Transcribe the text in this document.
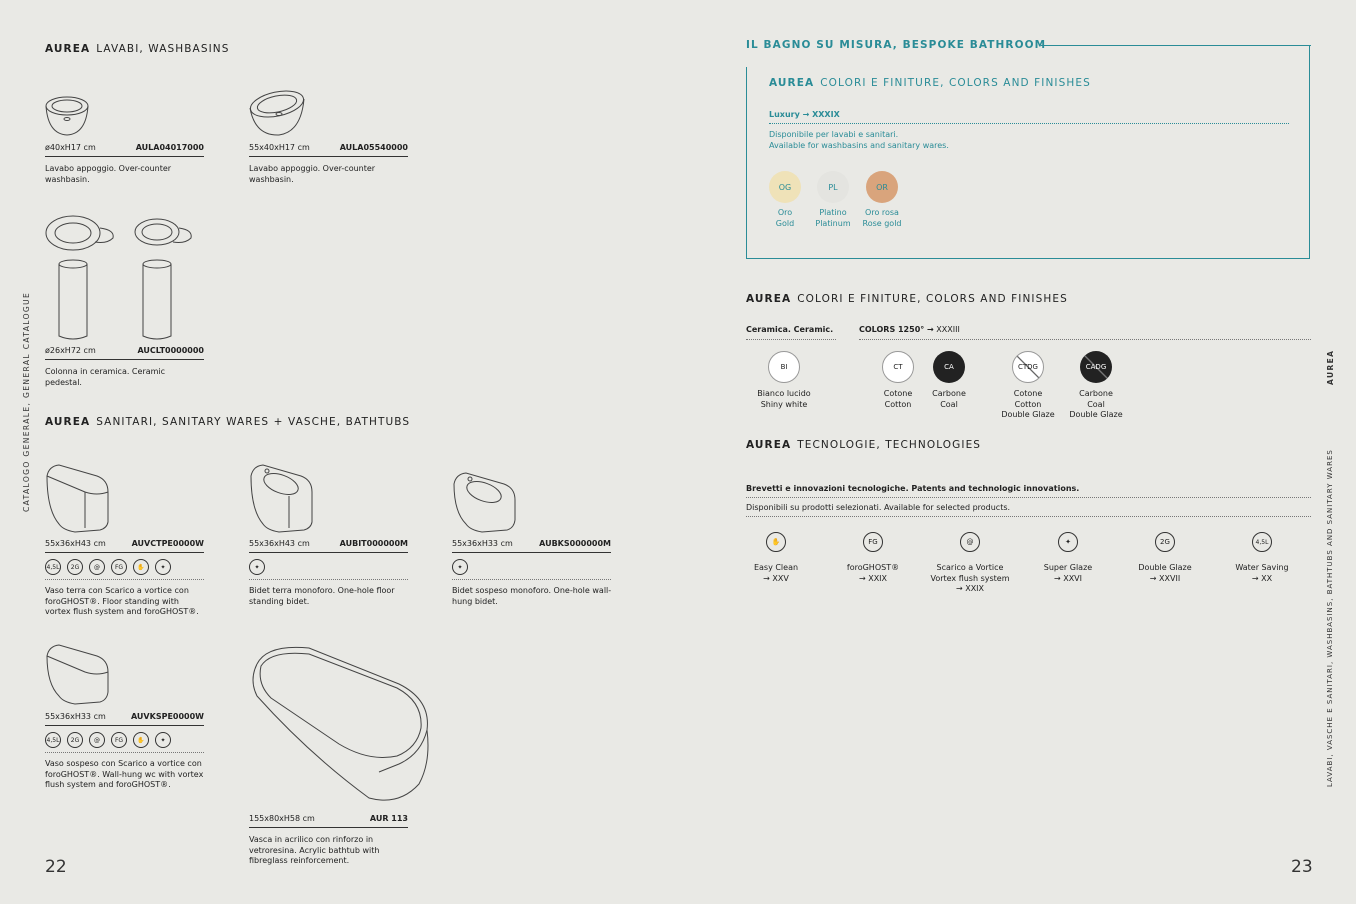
CATALOGO GENERALE, GENERAL CATALOGUE
AUREA LAVABI, WASHBASINS
ø40xH17 cm	AULA04017000
Lavabo appoggio. Over-counter washbasin.
55x40xH17 cm	AULA05540000
Lavabo appoggio. Over-counter washbasin.
ø26xH72 cm	AUCLT0000000
Colonna in ceramica. Ceramic pedestal.
AUREA SANITARI, SANITARY WARES + VASCHE, BATHTUBS
55x36xH43 cm	AUVCTPE0000W
4,5L	2G	@	FG	✋	✦
Vaso terra con Scarico a vortice con foroGHOST®. Floor standing with vortex flush system and foroGHOST®.
55x36xH43 cm	AUBIT000000M
✦
Bidet terra monoforo. One-hole floor standing bidet.
55x36xH33 cm	AUBKS000000M
✦
Bidet sospeso monoforo. One-hole wall-hung bidet.
55x36xH33 cm	AUVKSPE0000W
4,5L	2G	@	FG	✋	✦
Vaso sospeso con Scarico a vortice con foroGHOST®. Wall-hung wc with vortex flush system and foroGHOST®.
155x80xH58 cm	AUR 113
Vasca in acrilico con rinforzo in vetroresina. Acrylic bathtub with fibreglass reinforcement.
22
IL BAGNO SU MISURA, BESPOKE BATHROOM
AUREA COLORI E FINITURE, COLORS AND FINISHES
Luxury → XXXIX
Disponibile per lavabi e sanitari.
Available for washbasins and sanitary wares.
OG
Oro
Gold
PL
Platino
Platinum
OR
Oro rosa
Rose gold
AUREA COLORI E FINITURE, COLORS AND FINISHES
Ceramica. Ceramic.	COLORS 1250° → XXXIII
BI
Bianco lucido
Shiny white
CT
Cotone
Cotton
CA
Carbone
Coal
CTDG
Cotone
Cotton
Double Glaze
CADG
Carbone
Coal
Double Glaze
AUREA TECNOLOGIE, TECHNOLOGIES
Brevetti e innovazioni tecnologiche. Patents and technologic innovations.
Disponibili su prodotti selezionati. Available for selected products.
✋
Easy Clean
→ XXV
FG
foroGHOST®
→ XXIX
@
Scarico a Vortice
Vortex flush system
→ XXIX
✦
Super Glaze
→ XXVI
2G
Double Glaze
→ XXVII
4,5L
Water Saving
→ XX
AUREA
LAVABI, VASCHE E SANITARI, WASHBASINS, BATHTUBS AND SANITARY WARES
23
